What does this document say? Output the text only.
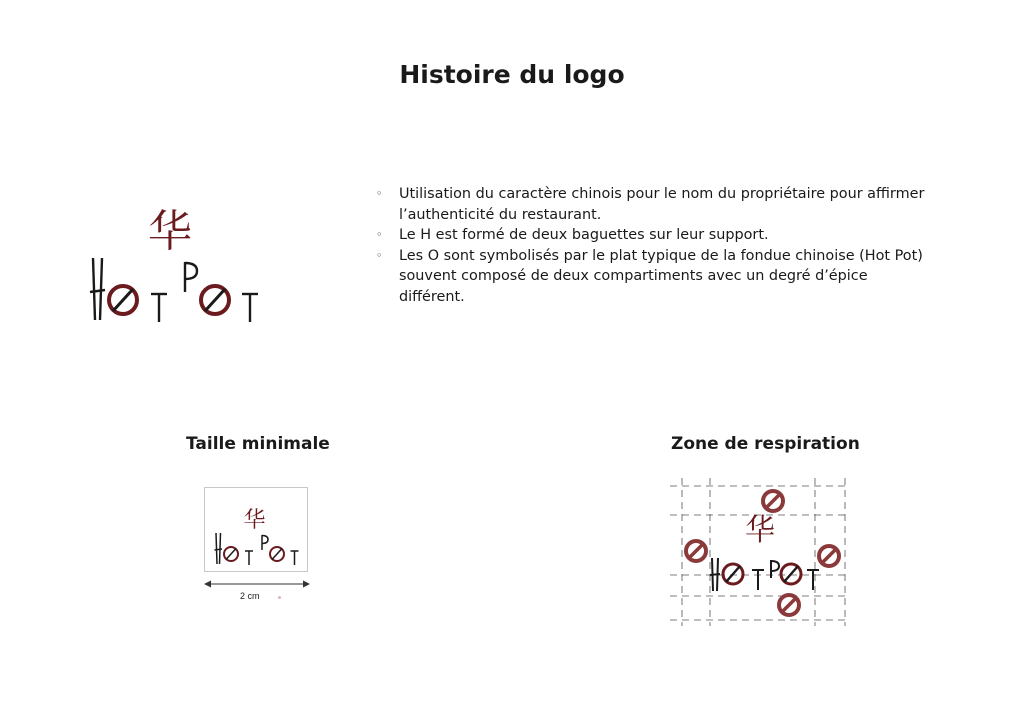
Histoire du logo
华
◦ Utilisation du caractère chinois pour le nom du propriétaire pour affirmer l’authenticité du restaurant.
◦ Le H est formé de deux baguettes sur leur support.
◦ Les O sont symbolisés par le plat typique de la fondue chinoise (Hot Pot) souvent composé de deux compartiments avec un degré d’épice différent.
Taille minimale
华
2 cm
Zone de respiration
华
